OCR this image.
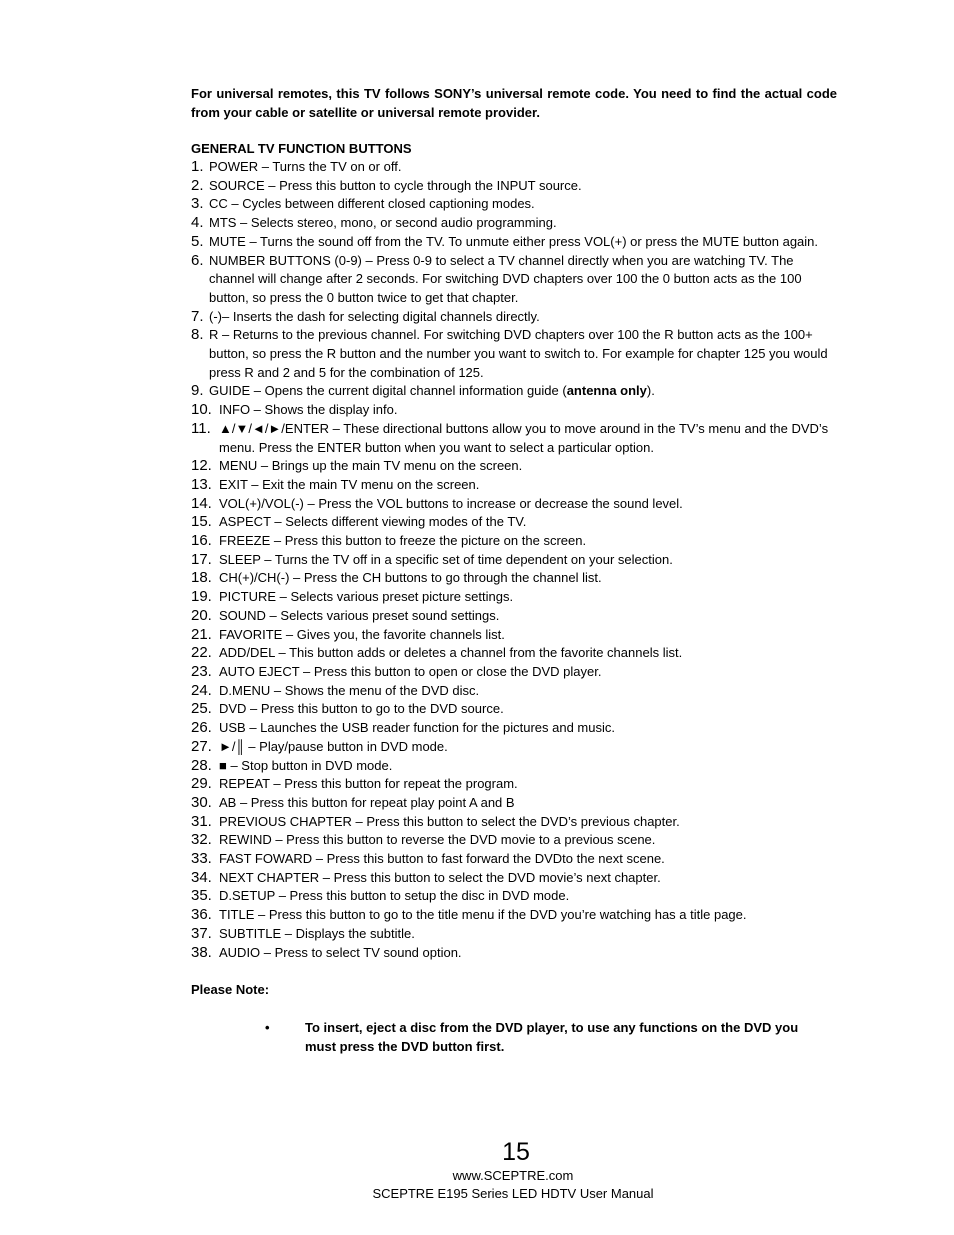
For universal remotes, this TV follows SONY’s universal remote code. You need to find the actual code from your cable or satellite or universal remote provider.

GENERAL TV FUNCTION BUTTONS
1. POWER – Turns the TV on or off.
2. SOURCE – Press this button to cycle through the INPUT source.
3. CC – Cycles between different closed captioning modes.
4. MTS – Selects stereo, mono, or second audio programming.
5. MUTE – Turns the sound off from the TV. To unmute either press VOL(+) or press the MUTE button again.
6. NUMBER BUTTONS (0-9) – Press 0-9 to select a TV channel directly when you are watching TV. The channel will change after 2 seconds. For switching DVD chapters over 100 the 0 button acts as the 100 button, so press the 0 button twice to get that chapter.
7. (-)– Inserts the dash for selecting digital channels directly.
8. R – Returns to the previous channel. For switching DVD chapters over 100 the R button acts as the 100+ button, so press the R button and the number you want to switch to. For example for chapter 125 you would press R and 2 and 5 for the combination of 125.
9. GUIDE – Opens the current digital channel information guide (antenna only).
10. INFO – Shows the display info.
11. ▲/▼/◄/►/ENTER – These directional buttons allow you to move around in the TV’s menu and the DVD’s menu. Press the ENTER button when you want to select a particular option.
12. MENU – Brings up the main TV menu on the screen.
13. EXIT – Exit the main TV menu on the screen.
14. VOL(+)/VOL(-) – Press the VOL buttons to increase or decrease the sound level.
15. ASPECT – Selects different viewing modes of the TV.
16. FREEZE – Press this button to freeze the picture on the screen.
17. SLEEP – Turns the TV off in a specific set of time dependent on your selection.
18. CH(+)/CH(-) – Press the CH buttons to go through the channel list.
19. PICTURE – Selects various preset picture settings.
20. SOUND – Selects various preset sound settings.
21. FAVORITE – Gives you, the favorite channels list.
22. ADD/DEL – This button adds or deletes a channel from the favorite channels list.
23. AUTO EJECT – Press this button to open or close the DVD player.
24. D.MENU – Shows the menu of the DVD disc.
25. DVD – Press this button to go to the DVD source.
26. USB – Launches the USB reader function for the pictures and music.
27. ►/║ – Play/pause button in DVD mode.
28. ■ – Stop button in DVD mode.
29. REPEAT – Press this button for repeat the program.
30. AB – Press this button for repeat play point A and B
31. PREVIOUS CHAPTER – Press this button to select the DVD’s previous chapter.
32. REWIND – Press this button to reverse the DVD movie to a previous scene.
33. FAST FOWARD – Press this button to fast forward the DVDto the next scene.
34. NEXT CHAPTER – Press this button to select the DVD movie’s next chapter.
35. D.SETUP – Press this button to setup the disc in DVD mode.
36. TITLE – Press this button to go to the title menu if the DVD you’re watching has a title page.
37. SUBTITLE – Displays the subtitle.
38. AUDIO – Press to select TV sound option.
Please Note:
•	To insert, eject a disc from the DVD player, to use any functions on the DVD you must press the DVD button first.
15
www.SCEPTRE.com
SCEPTRE E195 Series LED HDTV User Manual
